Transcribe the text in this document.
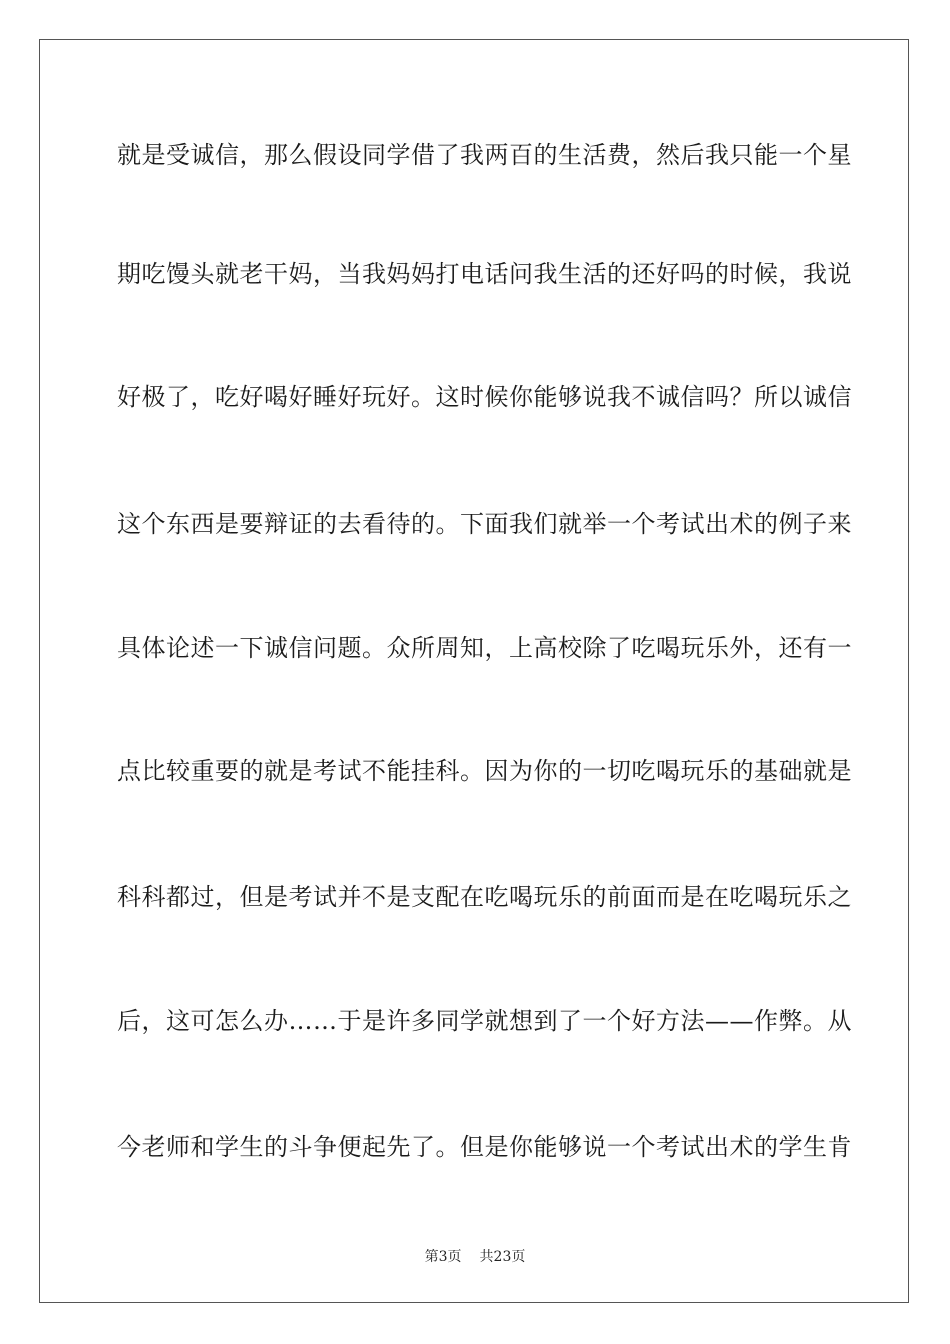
就是受诚信，那么假设同学借了我两百的生活费，然后我只能一个星
期吃馒头就老干妈，当我妈妈打电话问我生活的还好吗的时候，我说
好极了，吃好喝好睡好玩好。这时候你能够说我不诚信吗？所以诚信
这个东西是要辩证的去看待的。下面我们就举一个考试出术的例子来
具体论述一下诚信问题。众所周知，上高校除了吃喝玩乐外，还有一
点比较重要的就是考试不能挂科。因为你的一切吃喝玩乐的基础就是
科科都过，但是考试并不是支配在吃喝玩乐的前面而是在吃喝玩乐之
后，这可怎么办……于是许多同学就想到了一个好方法——作弊。从
今老师和学生的斗争便起先了。但是你能够说一个考试出术的学生肯
第3页 共23页
